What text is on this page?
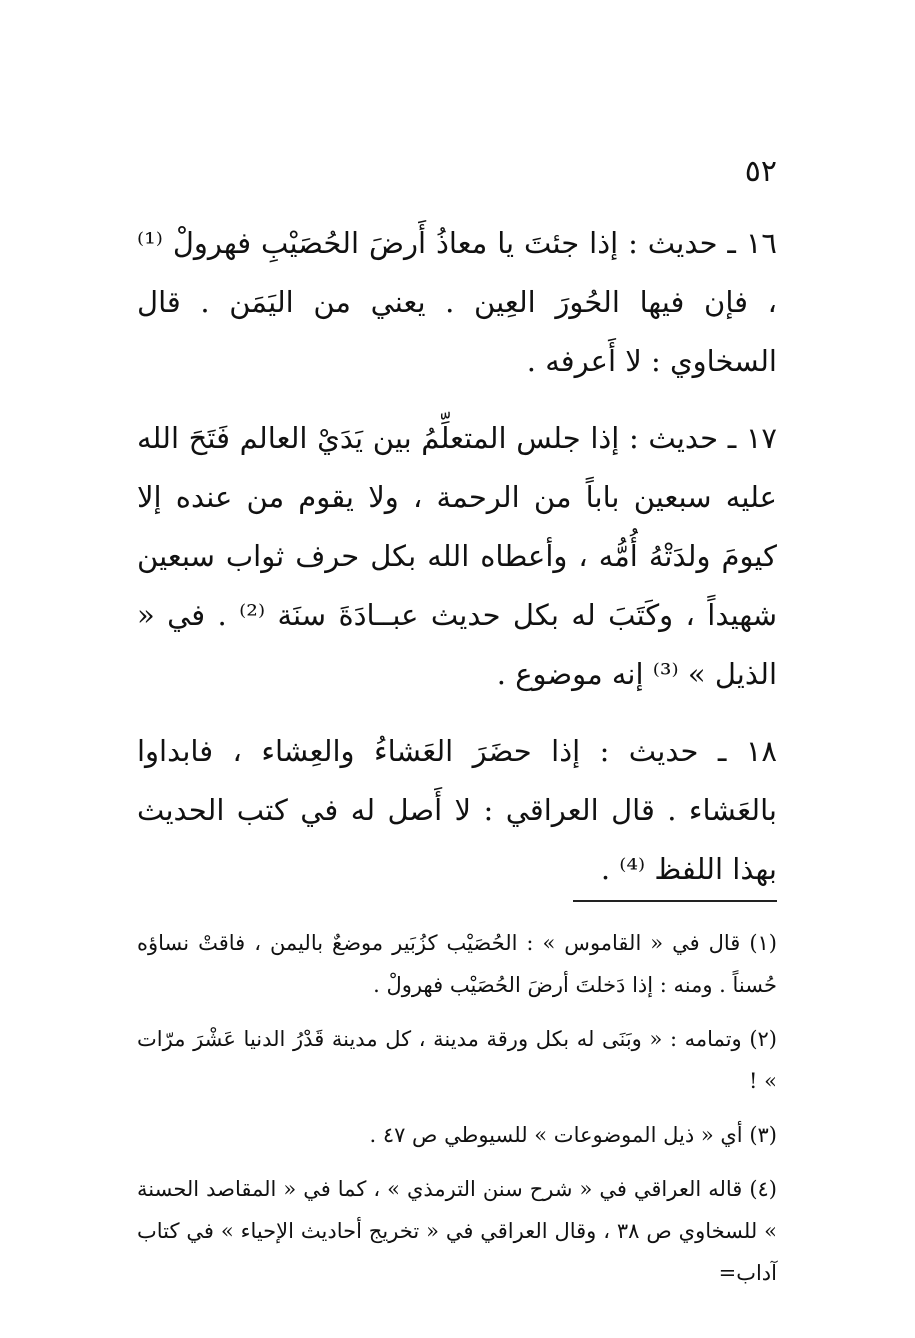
٥٢

١٦ ـ حديث : إذا جئتَ يا معاذُ أَرضَ الحُصَيْبِ فهرولْ ⁽¹⁾ ، فإن فيها الحُورَ العِين . يعني من اليَمَن . قال السخاوي : لا أَعرفه .

١٧ ـ حديث : إذا جلس المتعلِّمُ بين يَدَيْ العالم فَتَحَ الله عليه سبعين باباً من الرحمة ، ولا يقوم من عنده إلا كيومَ ولدَتْهُ أُمُّه ، وأعطاه الله بكل حرف ثواب سبعين شهيداً ، وكَتَبَ له بكل حديث عبــادَةَ سنَة ⁽²⁾ . في « الذيل » ⁽³⁾ إنه موضوع .

١٨ ـ حديث : إذا حضَرَ العَشاءُ والعِشاء ، فابداوا بالعَشاء . قال العراقي : لا أَصل له في كتب الحديث بهذا اللفظ ⁽⁴⁾ .

(١) قال في « القاموس » : الحُصَيْب كزُبَير موضعٌ باليمن ، فاقتْ نساؤه حُسناً . ومنه : إذا دَخلتَ أرضَ الحُصَيْب فهرولْ .

(٢) وتمامه : « وبَنَى له بكل ورقة مدينة ، كل مدينة قَدْرُ الدنيا عَشْرَ مرّات » !

(٣) أي « ذيل الموضوعات » للسيوطي ص ٤٧ .

(٤) قاله العراقي في « شرح سنن الترمذي » ، كما في « المقاصد الحسنة » للسخاوي ص ٣٨ ، وقال العراقي في « تخريج أحاديث الإحياء » في كتاب آداب=
